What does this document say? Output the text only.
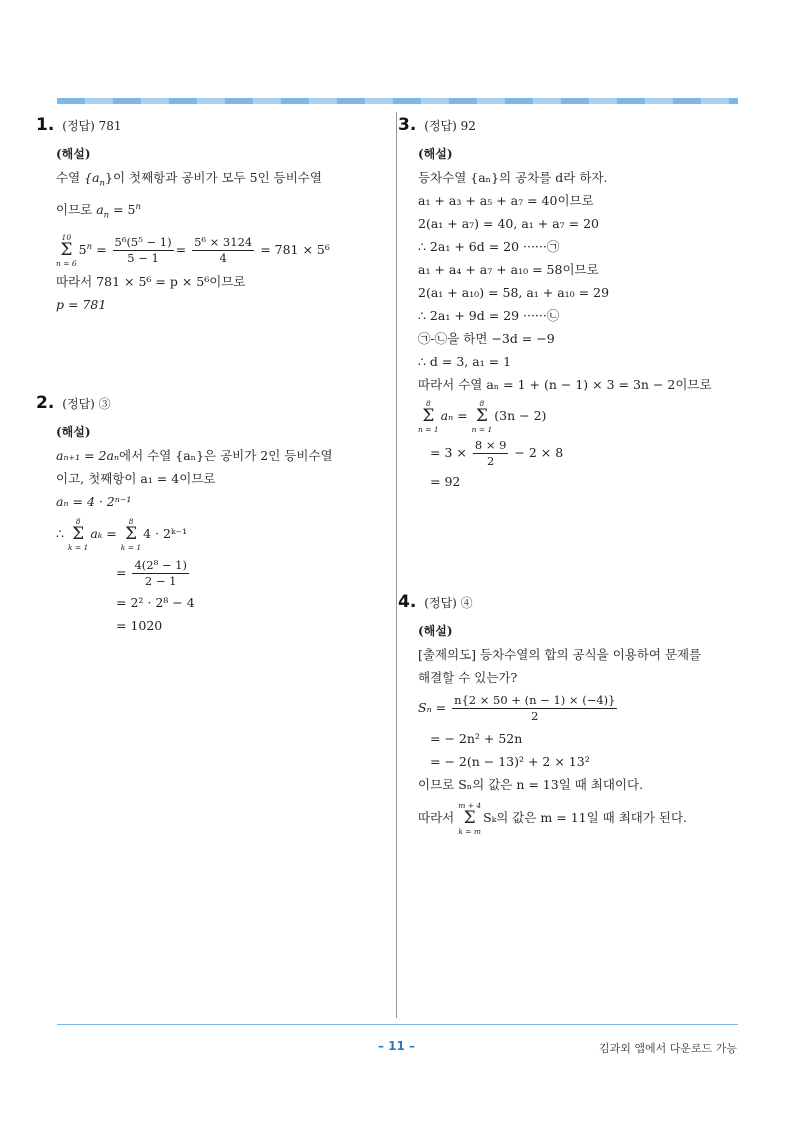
1. (정답) 781
(해설)
수열 $\{a_n\}$이 첫째항과 공비가 모두 5인 등비수열
이므로 $a_n = 5^n$
10
Σ
n = 6
$5^n = \frac{\text{5⁶(5⁵ − 1)}}{5 - 1} = \frac{\text{5⁶ × 3124}}{4} = 781 \times 5^6$
따라서 781 × 5⁶ = p × 5⁶이므로
p = 781
2. (정답) ③
(해설)
aₙ₊₁ = 2aₙ에서 수열 {aₙ}은 공비가 2인 등비수열
이고, 첫째항이 a₁ = 4이므로
aₙ = 4 · 2ⁿ⁻¹
∴
8
Σ
k = 1
aₖ =
8
Σ
k = 1
4 · 2ᵏ⁻¹
= $\frac{\text{4(2⁸ − 1)}}{2 - 1}$
= 2² · 2⁸ − 4
= 1020
3. (정답) 92
(해설)
등차수열 {aₙ}의 공차를 d라 하자.
a₁ + a₃ + a₅ + a₇ = 40이므로
2(a₁ + a₇) = 40, a₁ + a₇ = 20
∴ 2a₁ + 6d = 20 ······㉠
a₁ + a₄ + a₇ + a₁₀ = 58이므로
2(a₁ + a₁₀) = 58, a₁ + a₁₀ = 29
∴ 2a₁ + 9d = 29 ······㉡
㉠-㉡을 하면 −3d = −9
∴ d = 3, a₁ = 1
따라서 수열 aₙ = 1 + (n − 1) × 3 = 3n − 2이므로
8
Σ
n = 1
aₙ =
8
Σ
n = 1
(3n − 2)
= $3 \times \frac{8 \times 9}{2} - 2 \times 8$
= 92
4. (정답) ④
(해설)
[출제의도] 등차수열의 합의 공식을 이용하여 문제를
해결할 수 있는가?
$S_n = \frac{n\{2 \times 50 + (n - 1) \times (-4)\}}{2}$
= − 2n² + 52n
= − 2(n − 13)² + 2 × 13²
이므로 Sₙ의 값은 n = 13일 때 최대이다.
따라서
m + 4
Σ
k = m
Sₖ의 값은 m = 11일 때 최대가 된다.
– 11 –	김과외 앱에서 다운로드 가능
